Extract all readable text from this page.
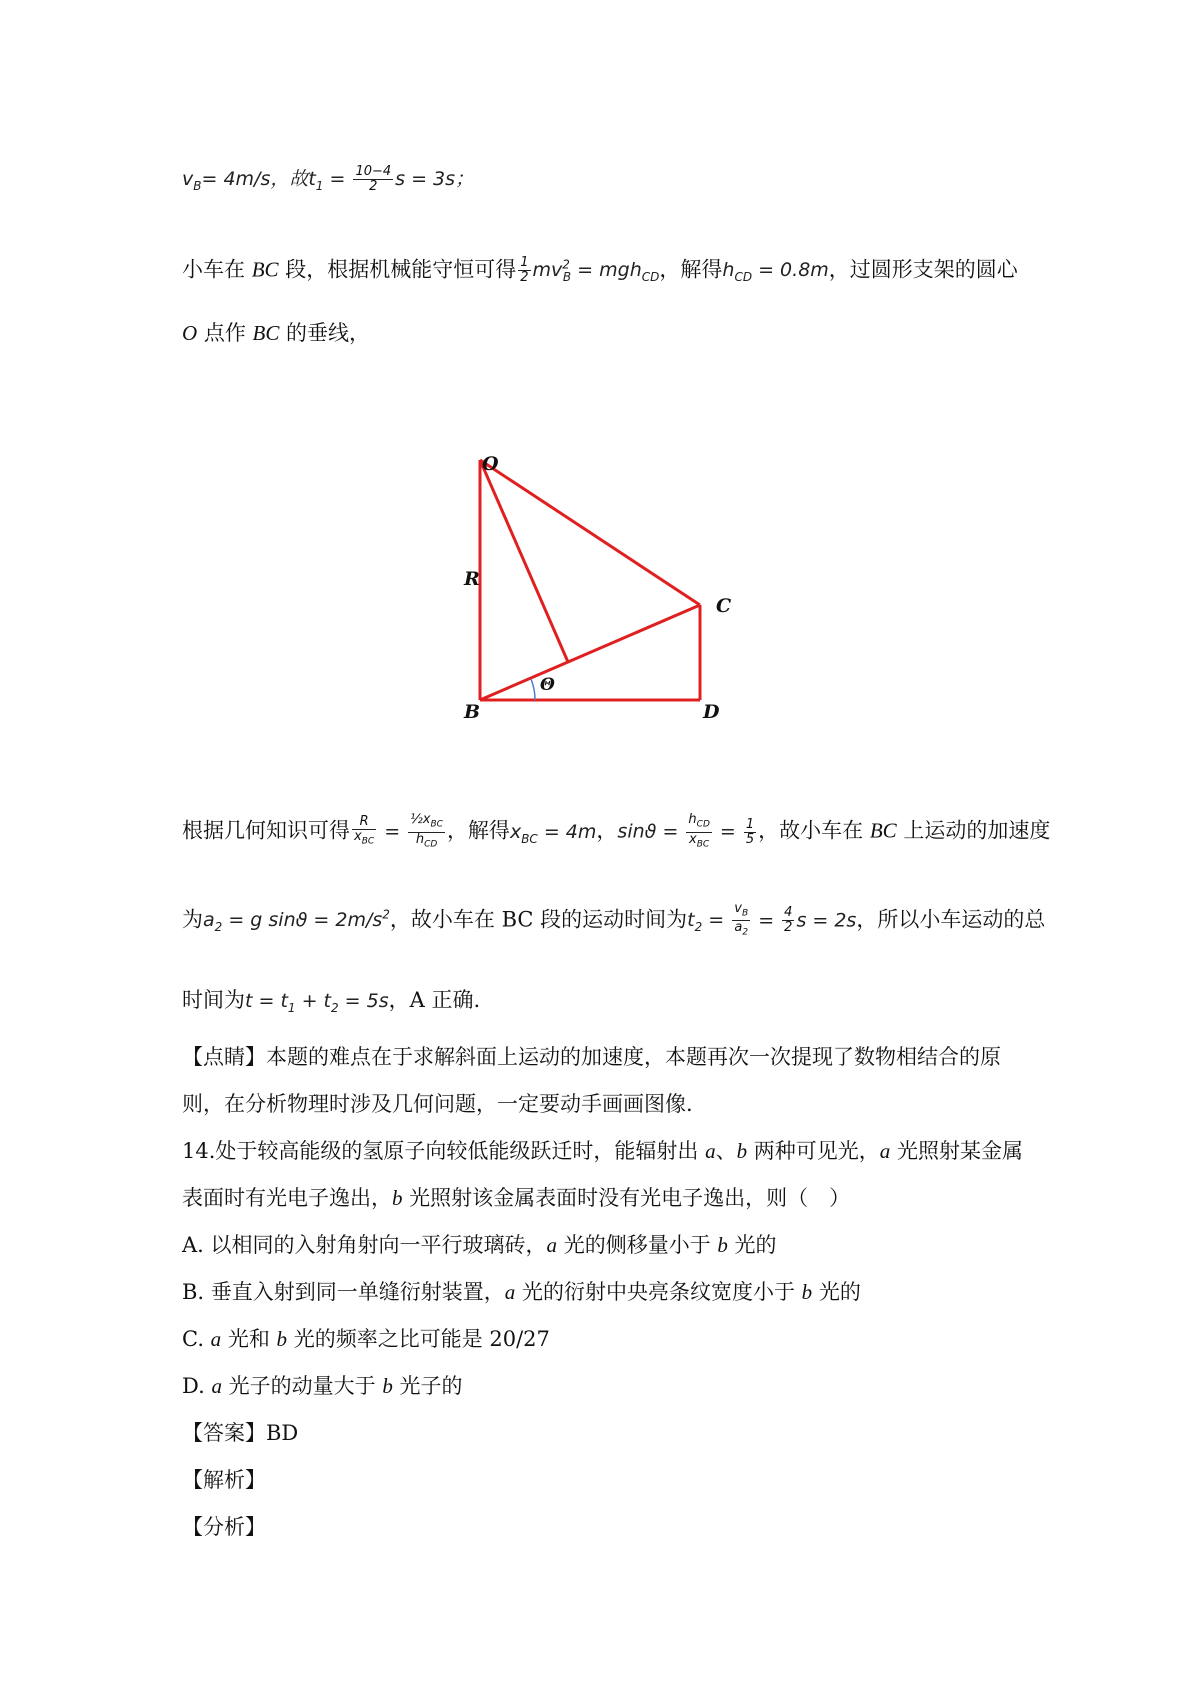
$v_B= 4m/s$，故$t_1 = \frac{10-4}{2}$ s = 3s；
小车在 BC 段，根据机械能守恒可得 $\frac{1}{2} mv^2_B = mgh_{CD}$，解得$h_{CD} = 0.8m$，过圆形支架的圆心
O 点作 BC 的垂线，
O
R
C
B	D
Θ
根据几何知识可得 $\frac{R}{x_{BC}} = \frac{\frac{1}{2}x_{BC}}{h_{CD}}$ ，解得$x_{BC} = 4m$，$\sin ϑ = \frac{h_{CD}}{x_{BC}} = \frac{1}{5}$ ，故小车在 BC 上运动的加速度
为$a_2 = g$ $\sin ϑ = 2m/s^2$，故小车在 BC 段的运动时间为$t_2 = \frac{v_B}{a_2} = \frac{4}{2}$ s = 2s，所以小车运动的总
时间为$t = t_1 + t_2 = 5s$，A 正确.
【点睛】本题的难点在于求解斜面上运动的加速度，本题再次一次提现了数物相结合的原
则，在分析物理时涉及几何问题，一定要动手画画图像.
14.处于较高能级的氢原子向较低能级跃迁时，能辐射出 a、b 两种可见光，a 光照射某金属
表面时有光电子逸出，b 光照射该金属表面时没有光电子逸出，则（　）
A. 以相同的入射角射向一平行玻璃砖，a 光的侧移量小于 b 光的
B. 垂直入射到同一单缝衍射装置，a 光的衍射中央亮条纹宽度小于 b 光的
C. a 光和 b 光的频率之比可能是 20/27
D. a 光子的动量大于 b 光子的
【答案】BD
【解析】
【分析】
